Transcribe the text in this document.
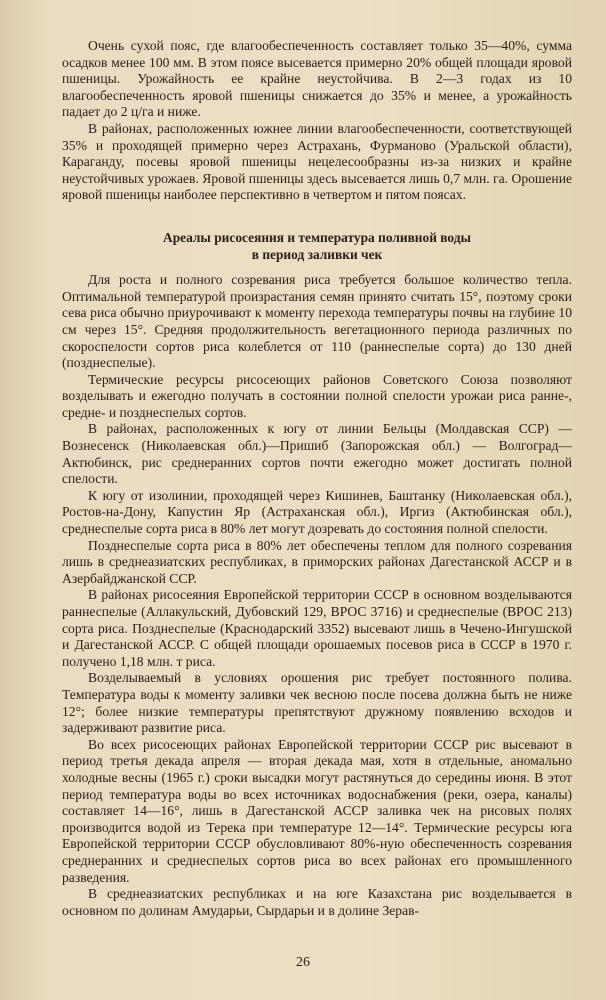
Очень сухой пояс, где влагообеспеченность составляет только 35—40%, сумма осадков менее 100 мм. В этом поясе высевается примерно 20% общей площади яровой пшеницы. Урожайность ее крайне неустойчива. В 2—3 годах из 10 влагообеспеченность яровой пшеницы снижается до 35% и менее, а урожайность падает до 2 ц/га и ниже.

В районах, расположенных южнее линии влагообеспеченности, соответствующей 35% и проходящей примерно через Астрахань, Фурманово (Уральской области), Караганду, посевы яровой пшеницы нецелесообразны из-за низких и крайне неустойчивых урожаев. Яровой пшеницы здесь высевается лишь 0,7 млн. га. Орошение яровой пшеницы наиболее перспективно в четвертом и пятом поясах.

Ареалы рисосеяния и температура поливной воды
в период заливки чек

Для роста и полного созревания риса требуется большое количество тепла. Оптимальной температурой произрастания семян принято считать 15°, поэтому сроки сева риса обычно приурочивают к моменту перехода температуры почвы на глубине 10 см через 15°. Средняя продолжительность вегетационного периода различных по скороспелости сортов риса колеблется от 110 (раннеспелые сорта) до 130 дней (позднеспелые).

Термические ресурсы рисосеющих районов Советского Союза позволяют возделывать и ежегодно получать в состоянии полной спелости урожаи риса ранне-, средне- и позднеспелых сортов.

В районах, расположенных к югу от линии Бельцы (Молдавская ССР) — Вознесенск (Николаевская обл.)—Пришиб (Запорожская обл.) — Волгоград—Актюбинск, рис среднеранних сортов почти ежегодно может достигать полной спелости.

К югу от изолинии, проходящей через Кишинев, Баштанку (Николаевская обл.), Ростов-на-Дону, Капустин Яр (Астраханская обл.), Иргиз (Актюбинская обл.), среднеспелые сорта риса в 80% лет могут дозревать до состояния полной спелости.

Позднеспелые сорта риса в 80% лет обеспечены теплом для полного созревания лишь в среднеазиатских республиках, в приморских районах Дагестанской АССР и в Азербайджанской ССР.

В районах рисосеяния Европейской территории СССР в основном возделываются раннеспелые (Аллакульский, Дубовский 129, ВРОС 3716) и среднеспелые (ВРОС 213) сорта риса. Позднеспелые (Краснодарский 3352) высевают лишь в Чечено-Ингушской и Дагестанской АССР. С общей площади орошаемых посевов риса в СССР в 1970 г. получено 1,18 млн. т риса.

Возделываемый в условиях орошения рис требует постоянного полива. Температура воды к моменту заливки чек весною после посева должна быть не ниже 12°; более низкие температуры препятствуют дружному появлению всходов и задерживают развитие риса.

Во всех рисосеющих районах Европейской территории СССР рис высевают в период третья декада апреля — вторая декада мая, хотя в отдельные, аномально холодные весны (1965 г.) сроки высадки могут растянуться до середины июня. В этот период температура воды во всех источниках водоснабжения (реки, озера, каналы) составляет 14—16°, лишь в Дагестанской АССР заливка чек на рисовых полях производится водой из Терека при температуре 12—14°. Термические ресурсы юга Европейской территории СССР обусловливают 80%-ную обеспеченность созревания среднеранних и среднеспелых сортов риса во всех районах его промышленного разведения.

В среднеазиатских республиках и на юге Казахстана рис возделывается в основном по долинам Амударьи, Сырдарьи и в долине Зерав-

26
